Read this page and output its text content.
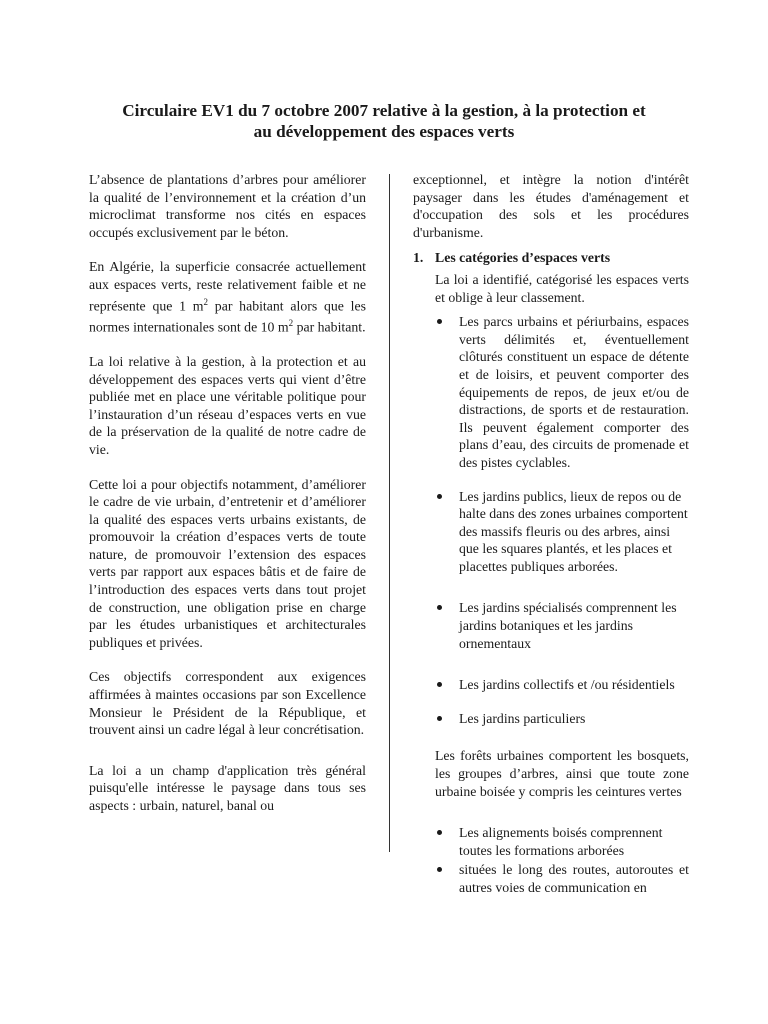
Circulaire EV1 du 7 octobre 2007 relative à la gestion, à la protection et
au développement des espaces verts

L’absence de plantations d’arbres pour améliorer la qualité de l’environnement et la création d’un microclimat transforme nos cités en espaces occupés exclusivement par le béton.

En Algérie, la superficie consacrée actuellement aux espaces verts, reste relativement faible et ne représente que 1 $m^2$ par habitant alors que les normes internationales sont de 10 $m^2$ par habitant.

La loi relative à la gestion, à la protection et au développement des espaces verts qui vient d’être publiée met en place une véritable politique pour l’instauration d’un réseau d’espaces verts en vue de la préservation de la qualité de notre cadre de vie.

Cette loi a pour objectifs notamment, d’améliorer le cadre de vie urbain, d’entretenir et d’améliorer la qualité des espaces verts urbains existants, de promouvoir la création d’espaces verts de toute nature, de promouvoir l’extension des espaces verts par rapport aux espaces bâtis et de faire de l’introduction des espaces verts dans tout projet de construction, une obligation prise en charge par les études urbanistiques et architecturales publiques et privées.

Ces objectifs correspondent aux exigences affirmées à maintes occasions par son Excellence Monsieur le Président de la République, et trouvent ainsi un cadre légal à leur concrétisation.

La loi a un champ d'application très général puisqu'elle intéresse le paysage dans tous ses aspects : urbain, naturel, banal ou

exceptionnel, et intègre la notion d'intérêt paysager dans les études d'aménagement et d'occupation des sols et les procédures d'urbanisme.

1. Les catégories d’espaces verts

La loi a identifié, catégorisé les espaces verts et oblige à leur classement.

Les parcs urbains et périurbains, espaces verts délimités et, éventuellement clôturés constituent un espace de détente et de loisirs, et peuvent comporter des équipements de repos, de jeux et/ou de distractions, de sports et de restauration. Ils peuvent également comporter des plans d’eau, des circuits de promenade et des pistes cyclables.
Les jardins publics, lieux de repos ou de halte dans des zones urbaines comportent des massifs fleuris ou des arbres, ainsi que les squares plantés, et les places et placettes publiques arborées.
Les jardins spécialisés comprennent les jardins botaniques et les jardins ornementaux
Les jardins collectifs et /ou résidentiels
Les jardins particuliers

Les forêts urbaines comportent les bosquets, les groupes d’arbres, ainsi que toute zone urbaine boisée y compris les ceintures vertes

Les alignements boisés comprennent toutes les formations arborées
situées le long des routes, autoroutes et autres voies de communication en
